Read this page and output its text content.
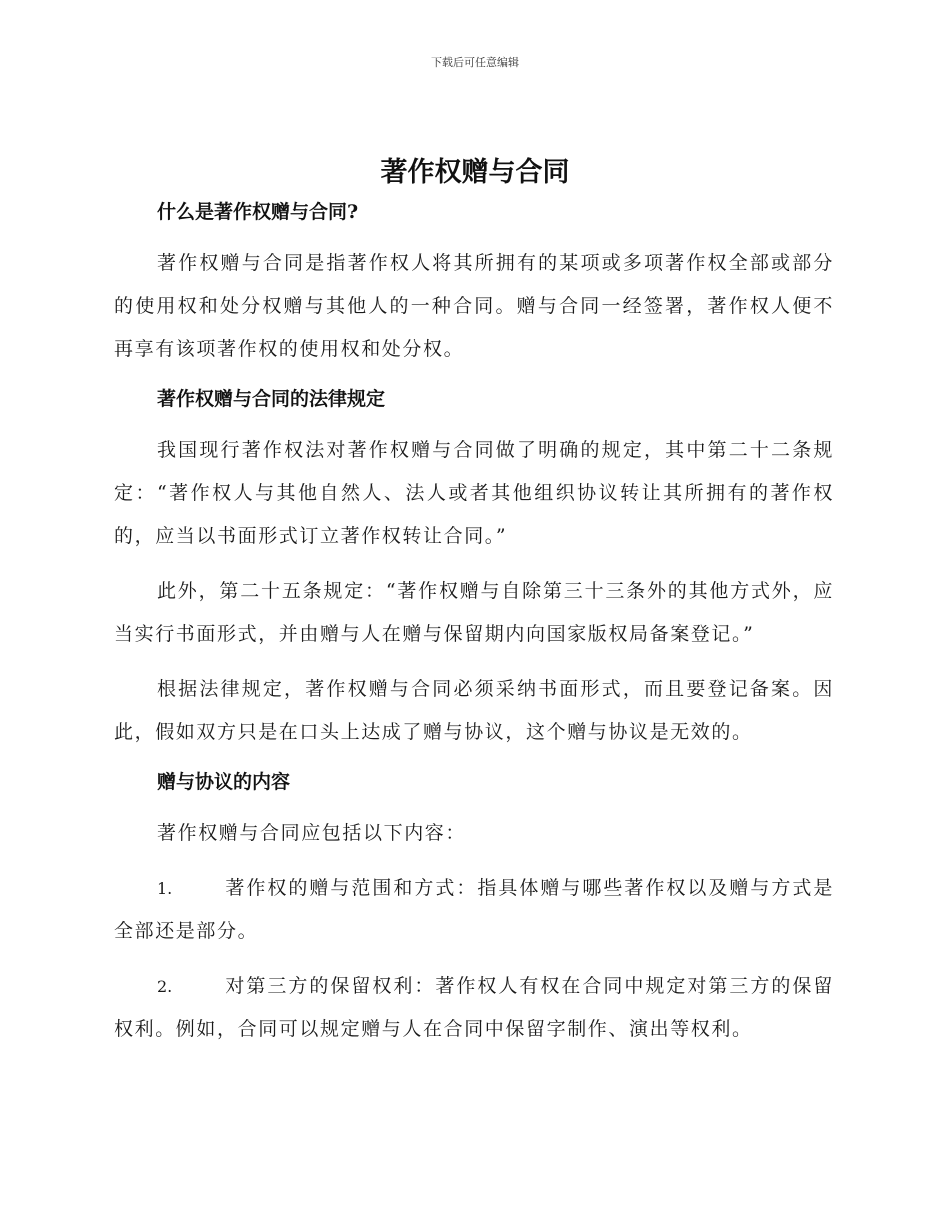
下载后可任意编辑
著作权赠与合同
什么是著作权赠与合同?

著作权赠与合同是指著作权人将其所拥有的某项或多项著作权全部或部分的使用权和处分权赠与其他人的一种合同。赠与合同一经签署，著作权人便不再享有该项著作权的使用权和处分权。

著作权赠与合同的法律规定

我国现行著作权法对著作权赠与合同做了明确的规定，其中第二十二条规定：“著作权人与其他自然人、法人或者其他组织协议转让其所拥有的著作权的，应当以书面形式订立著作权转让合同。”

此外，第二十五条规定：“著作权赠与自除第三十三条外的其他方式外，应当实行书面形式，并由赠与人在赠与保留期内向国家版权局备案登记。”

根据法律规定，著作权赠与合同必须采纳书面形式，而且要登记备案。因此，假如双方只是在口头上达成了赠与协议，这个赠与协议是无效的。

赠与协议的内容

著作权赠与合同应包括以下内容：

1.	著作权的赠与范围和方式：指具体赠与哪些著作权以及赠与方式是全部还是部分。

2.	对第三方的保留权利：著作权人有权在合同中规定对第三方的保留权利。例如，合同可以规定赠与人在合同中保留字制作、演出等权利。
